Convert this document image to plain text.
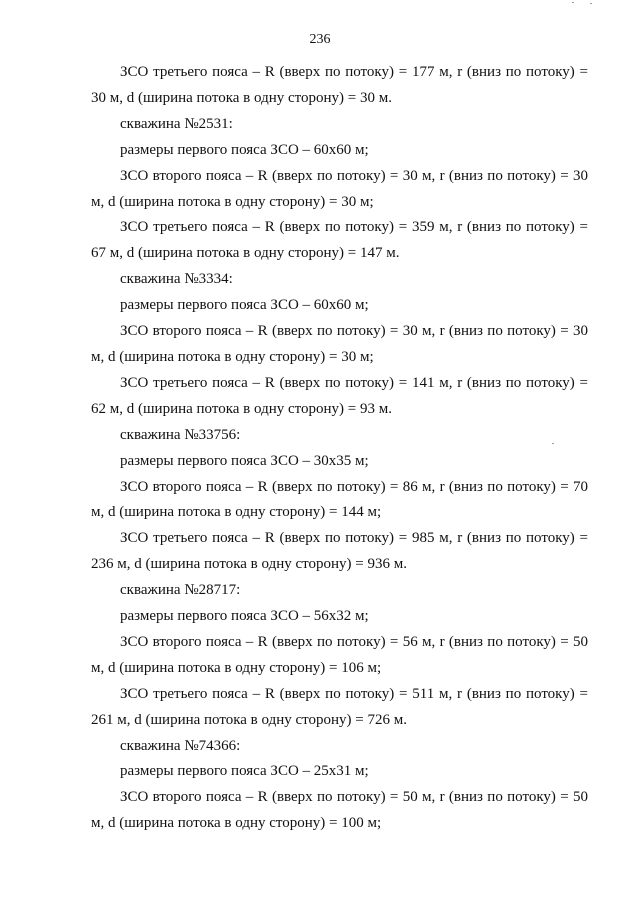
236

ЗСО третьего пояса – R (вверх по потоку) = 177 м, r (вниз по потоку) = 30 м, d (ширина потока в одну сторону) = 30 м.

скважина №2531:

размеры первого пояса ЗСО – 60х60 м;

ЗСО второго пояса – R (вверх по потоку) = 30 м, r (вниз по потоку) = 30 м, d (ширина потока в одну сторону) = 30 м;

ЗСО третьего пояса – R (вверх по потоку) = 359 м, r (вниз по потоку) = 67 м, d (ширина потока в одну сторону) = 147 м.

скважина №3334:

размеры первого пояса ЗСО – 60х60 м;

ЗСО второго пояса – R (вверх по потоку) = 30 м, r (вниз по потоку) = 30 м, d (ширина потока в одну сторону) = 30 м;

ЗСО третьего пояса – R (вверх по потоку) = 141 м, r (вниз по потоку) = 62 м, d (ширина потока в одну сторону) = 93 м.

скважина №33756:

размеры первого пояса ЗСО – 30х35 м;

ЗСО второго пояса – R (вверх по потоку) = 86 м, r (вниз по потоку) = 70 м, d (ширина потока в одну сторону) = 144 м;

ЗСО третьего пояса – R (вверх по потоку) = 985 м, r (вниз по потоку) = 236 м, d (ширина потока в одну сторону) = 936 м.

скважина №28717:

размеры первого пояса ЗСО – 56х32 м;

ЗСО второго пояса – R (вверх по потоку) = 56 м, r (вниз по потоку) = 50 м, d (ширина потока в одну сторону) = 106 м;

ЗСО третьего пояса – R (вверх по потоку) = 511 м, r (вниз по потоку) = 261 м, d (ширина потока в одну сторону) = 726 м.

скважина №74366:

размеры первого пояса ЗСО – 25х31 м;

ЗСО второго пояса – R (вверх по потоку) = 50 м, r (вниз по потоку) = 50 м, d (ширина потока в одну сторону) = 100 м;
